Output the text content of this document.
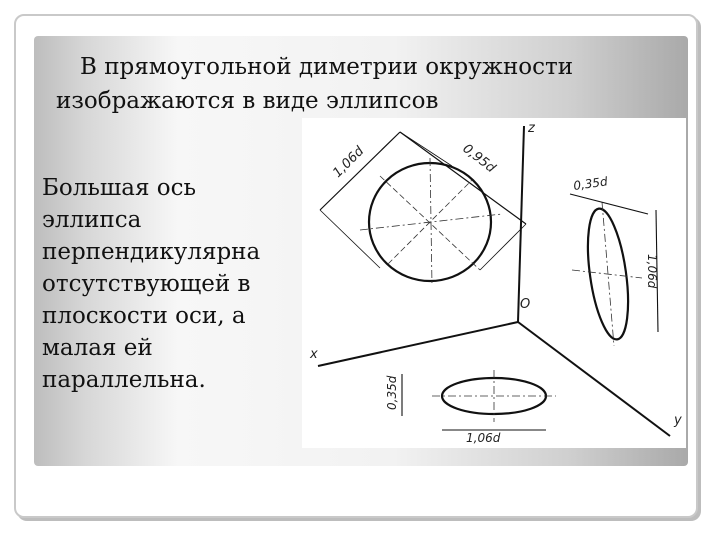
В прямоугольной диметрии окружности
изображаются в виде эллипсов
Большая ось
эллипса
перпендикулярна
отсутствующей в
плоскости оси, а
малая ей
параллельна.
1,06d	0,95d
0,35d
1,06d
1,06d
0,35d
z
O
x
y
